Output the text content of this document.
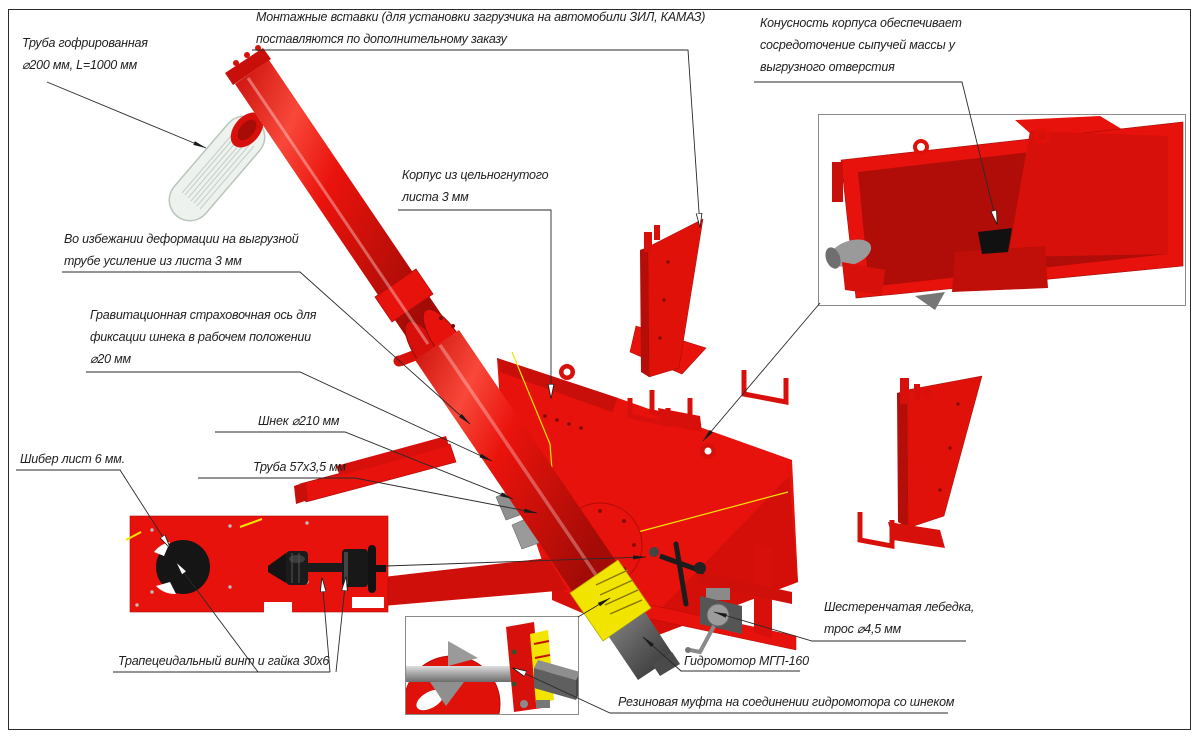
Труба гофрированная
⌀200 мм, L=1000 мм
Монтажные вставки (для установки загрузчика на автомобили ЗИЛ, КАМАЗ)
поставляются по дополнительному заказу
Конусность корпуса обеспечивает
сосредоточение сыпучей массы у
выгрузного отверстия
Корпус из цельногнутого
листа 3 мм
Во избежании деформации на выгрузной
трубе усиление из листа 3 мм
Гравитационная страховочная ось для
фиксации шнека в рабочем положении
⌀20 мм
Шнек ⌀210 мм
Труба 57х3,5 мм
Шибер лист 6 мм.
Трапецеидальный винт и гайка 30х6
Шестеренчатая лебедка,
трос ⌀4,5 мм
Гидромотор МГП-160
Резиновая муфта на соединении гидромотора со шнеком
